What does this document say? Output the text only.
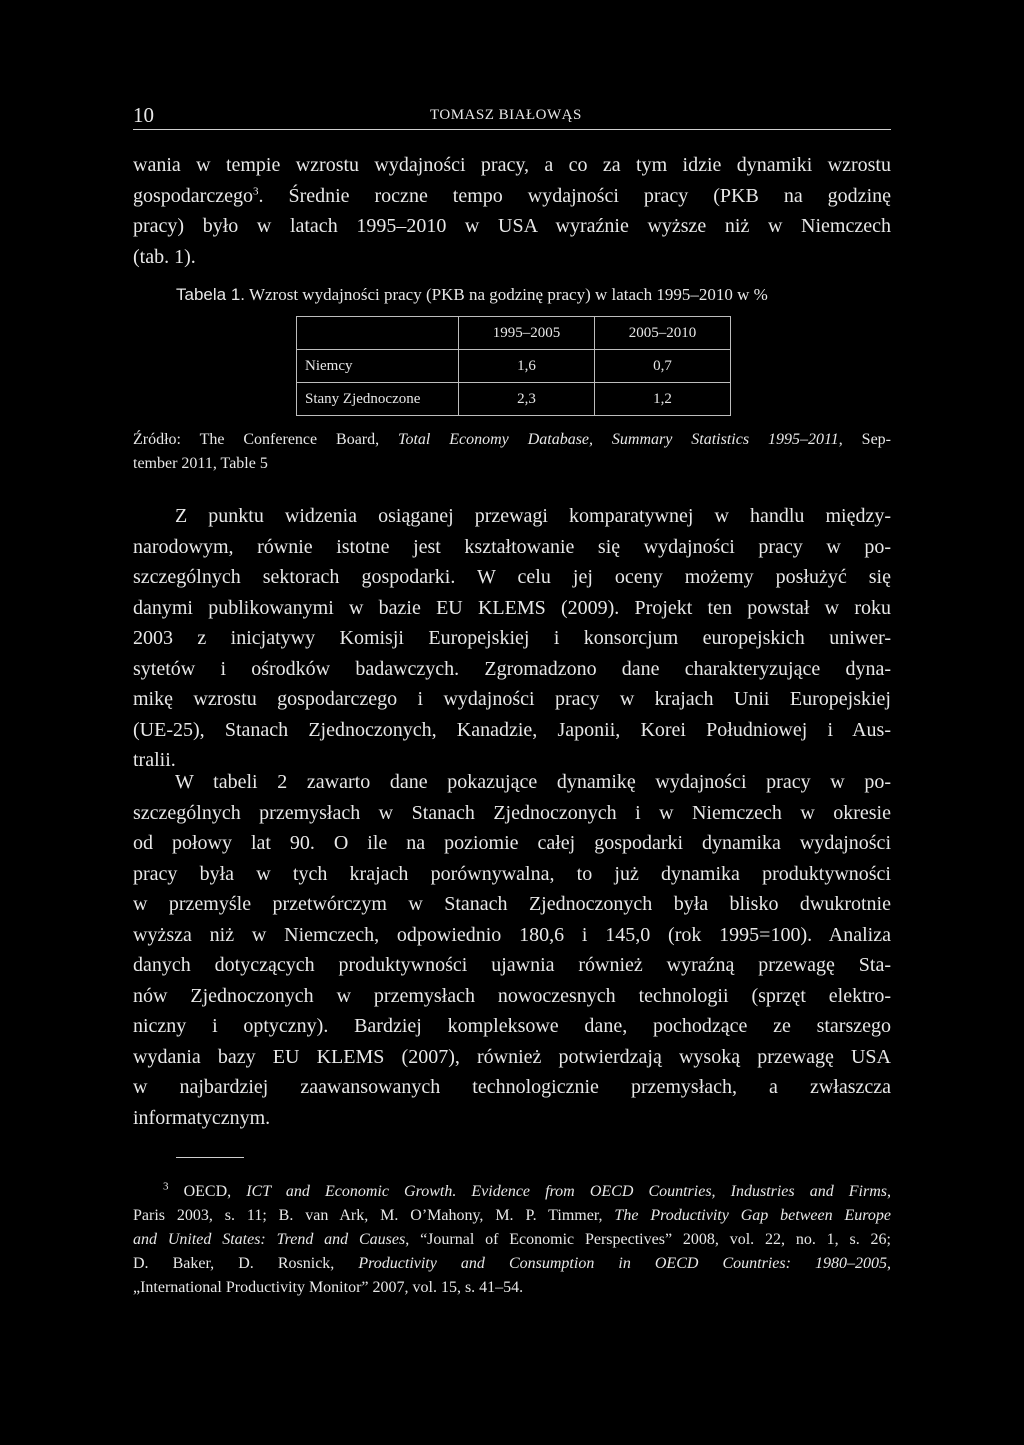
10	TOMASZ BIAŁOWĄS

wania w tempie wzrostu wydajności pracy, a co za tym idzie dynamiki wzrostu
gospodarczego$^3$. Średnie roczne tempo wydajności pracy (PKB na godzinę
pracy) było w latach 1995–2010 w USA wyraźnie wyższe niż w Niemczech
(tab. 1).

Tabela 1. Wzrost wydajności pracy (PKB na godzinę pracy) w latach 1995–2010 w %
	1995–2005	2005–2010
Niemcy	1,6	0,7
Stany Zjednoczone	2,3	1,2
Źródło: The Conference Board, Total Economy Database, Summary Statistics 1995–2011, Sep-
tember 2011, Table 5

Z punktu widzenia osiąganej przewagi komparatywnej w handlu między-
narodowym, równie istotne jest kształtowanie się wydajności pracy w po-
szczególnych sektorach gospodarki. W celu jej oceny możemy posłużyć się
danymi publikowanymi w bazie EU KLEMS (2009). Projekt ten powstał w roku
2003 z inicjatywy Komisji Europejskiej i konsorcjum europejskich uniwer-
sytetów i ośrodków badawczych. Zgromadzono dane charakteryzujące dyna-
mikę wzrostu gospodarczego i wydajności pracy w krajach Unii Europejskiej
(UE-25), Stanach Zjednoczonych, Kanadzie, Japonii, Korei Południowej i Aus-
tralii.

W tabeli 2 zawarto dane pokazujące dynamikę wydajności pracy w po-
szczególnych przemysłach w Stanach Zjednoczonych i w Niemczech w okresie
od połowy lat 90. O ile na poziomie całej gospodarki dynamika wydajności
pracy była w tych krajach porównywalna, to już dynamika produktywności
w przemyśle przetwórczym w Stanach Zjednoczonych była blisko dwukrotnie
wyższa niż w Niemczech, odpowiednio 180,6 i 145,0 (rok 1995=100). Analiza
danych dotyczących produktywności ujawnia również wyraźną przewagę Sta-
nów Zjednoczonych w przemysłach nowoczesnych technologii (sprzęt elektro-
niczny i optyczny). Bardziej kompleksowe dane, pochodzące ze starszego
wydania bazy EU KLEMS (2007), również potwierdzają wysoką przewagę USA
w najbardziej zaawansowanych technologicznie przemysłach, a zwłaszcza
informatycznym.

$^3$ OECD, ICT and Economic Growth. Evidence from OECD Countries, Industries and Firms,
Paris 2003, s. 11; B. van Ark, M. O’Mahony, M. P. Timmer, The Productivity Gap between Europe
and United States: Trend and Causes, “Journal of Economic Perspectives” 2008, vol. 22, no. 1, s. 26;
D. Baker, D. Rosnick, Productivity and Consumption in OECD Countries: 1980–2005,
„International Productivity Monitor” 2007, vol. 15, s. 41–54.
